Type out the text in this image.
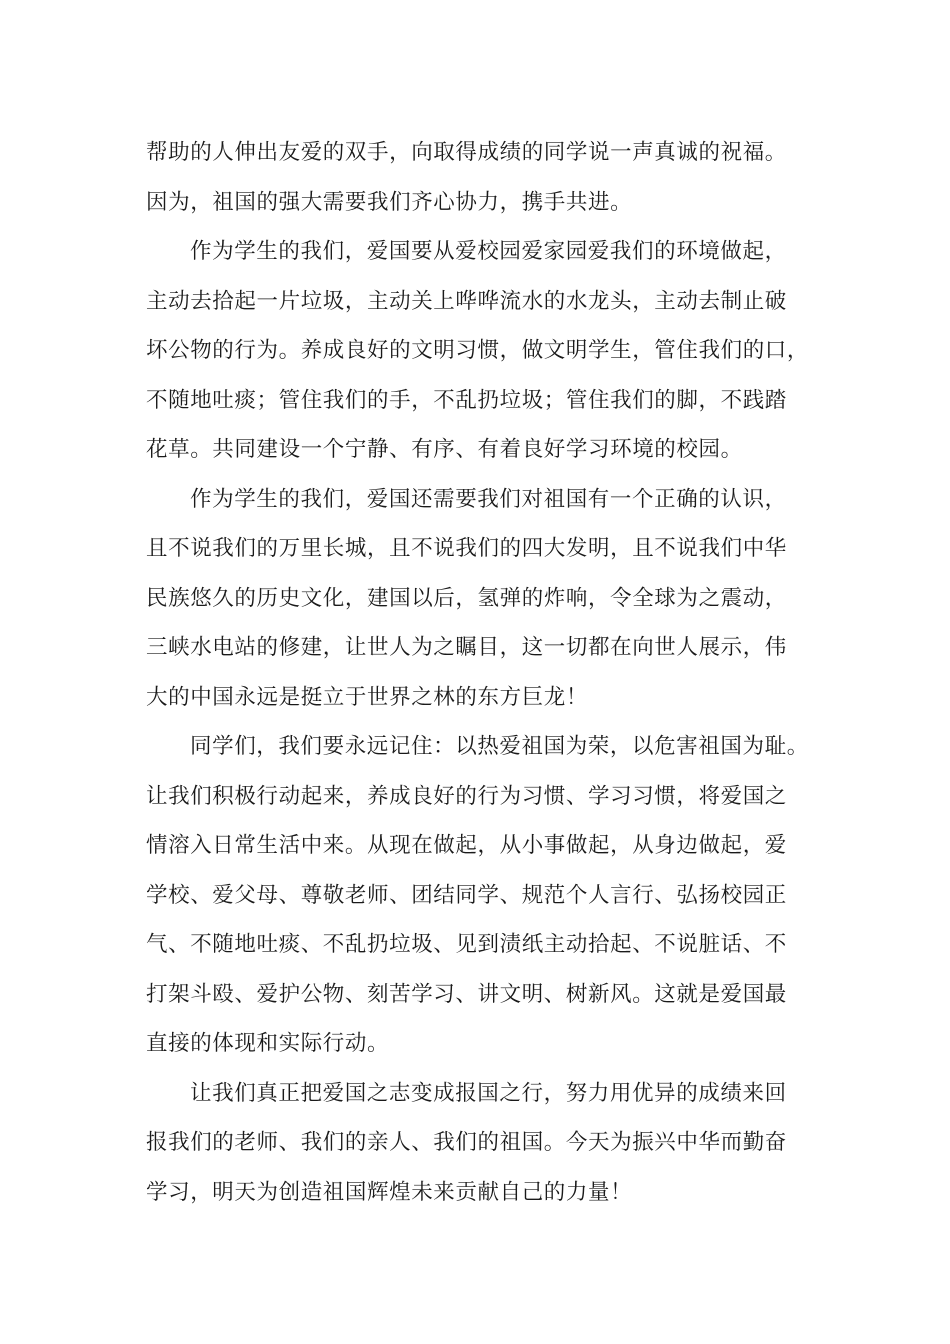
帮助的人伸出友爱的双手，向取得成绩的同学说一声真诚的祝福。
因为，祖国的强大需要我们齐心协力，携手共进。
作为学生的我们，爱国要从爱校园爱家园爱我们的环境做起，
主动去拾起一片垃圾，主动关上哗哗流水的水龙头，主动去制止破
坏公物的行为。养成良好的文明习惯，做文明学生，管住我们的口，
不随地吐痰；管住我们的手，不乱扔垃圾；管住我们的脚，不践踏
花草。共同建设一个宁静、有序、有着良好学习环境的校园。
作为学生的我们，爱国还需要我们对祖国有一个正确的认识，
且不说我们的万里长城，且不说我们的四大发明，且不说我们中华
民族悠久的历史文化，建国以后，氢弹的炸响，令全球为之震动，
三峡水电站的修建，让世人为之瞩目，这一切都在向世人展示，伟
大的中国永远是挺立于世界之林的东方巨龙！
同学们，我们要永远记住：以热爱祖国为荣，以危害祖国为耻。
让我们积极行动起来，养成良好的行为习惯、学习习惯，将爱国之
情溶入日常生活中来。从现在做起，从小事做起，从身边做起，爱
学校、爱父母、尊敬老师、团结同学、规范个人言行、弘扬校园正
气、不随地吐痰、不乱扔垃圾、见到渍纸主动拾起、不说脏话、不
打架斗殴、爱护公物、刻苦学习、讲文明、树新风。这就是爱国最
直接的体现和实际行动。
让我们真正把爱国之志变成报国之行，努力用优异的成绩来回
报我们的老师、我们的亲人、我们的祖国。今天为振兴中华而勤奋
学习，明天为创造祖国辉煌未来贡献自己的力量！
